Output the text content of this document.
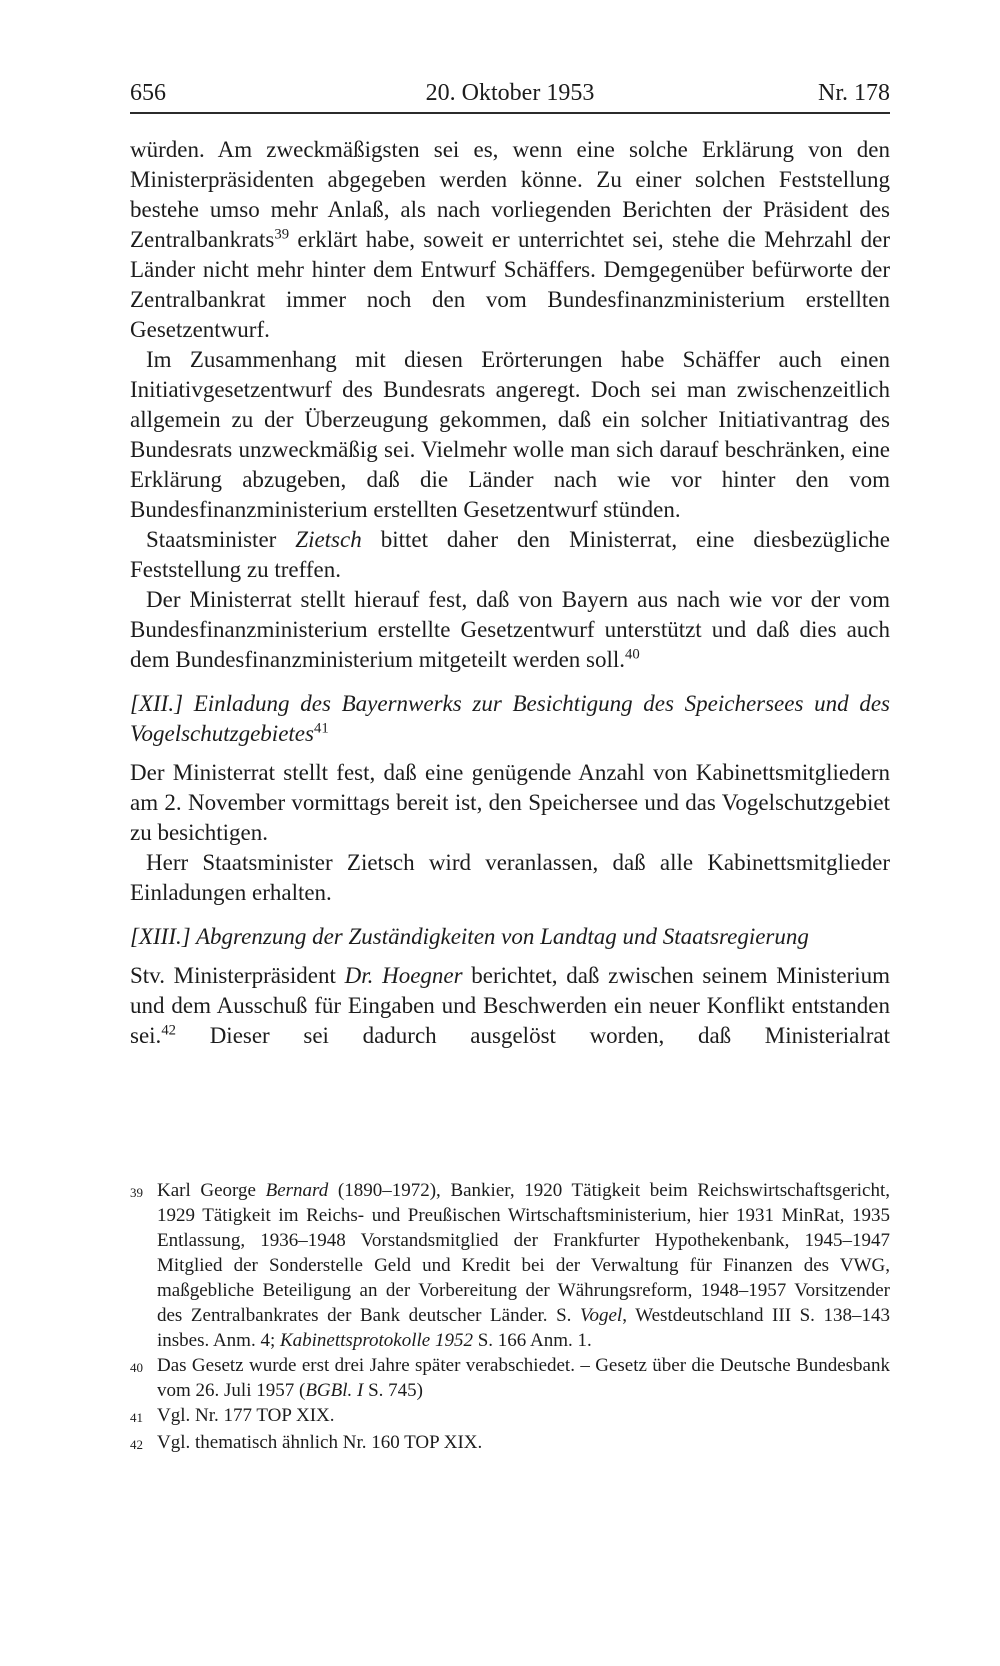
656	20. Oktober 1953	Nr. 178

würden. Am zweckmäßigsten sei es, wenn eine solche Erklärung von den Ministerpräsidenten abgegeben werden könne. Zu einer solchen Feststellung bestehe umso mehr Anlaß, als nach vorliegenden Berichten der Präsident des Zentralbankrats$^{39}$ erklärt habe, soweit er unterrichtet sei, stehe die Mehrzahl der Länder nicht mehr hinter dem Entwurf Schäffers. Demgegenüber befürworte der Zentralbankrat immer noch den vom Bundesfinanzministerium erstellten Gesetzentwurf.

Im Zusammenhang mit diesen Erörterungen habe Schäffer auch einen Initiativgesetzentwurf des Bundesrats angeregt. Doch sei man zwischenzeitlich allgemein zu der Überzeugung gekommen, daß ein solcher Initiativantrag des Bundesrats unzweckmäßig sei. Vielmehr wolle man sich darauf beschränken, eine Erklärung abzugeben, daß die Länder nach wie vor hinter den vom Bundesfinanzministerium erstellten Gesetzentwurf stünden.

Staatsminister Zietsch bittet daher den Ministerrat, eine diesbezügliche Feststellung zu treffen.

Der Ministerrat stellt hierauf fest, daß von Bayern aus nach wie vor der vom Bundesfinanzministerium erstellte Gesetzentwurf unterstützt und daß dies auch dem Bundesfinanzministerium mitgeteilt werden soll.$^{40}$

[XII.] Einladung des Bayernwerks zur Besichtigung des Speichersees und des Vogelschutzgebietes$^{41}$

Der Ministerrat stellt fest, daß eine genügende Anzahl von Kabinettsmitgliedern am 2. November vormittags bereit ist, den Speichersee und das Vogelschutzgebiet zu besichtigen.

Herr Staatsminister Zietsch wird veranlassen, daß alle Kabinettsmitglieder Einladungen erhalten.

[XIII.] Abgrenzung der Zuständigkeiten von Landtag und Staatsregierung

Stv. Ministerpräsident Dr. Hoegner berichtet, daß zwischen seinem Ministerium und dem Ausschuß für Eingaben und Beschwerden ein neuer Konflikt entstanden sei.$^{42}$ Dieser sei dadurch ausgelöst worden, daß Ministerialrat

39 Karl George Bernard (1890–1972), Bankier, 1920 Tätigkeit beim Reichswirtschaftsgericht, 1929 Tätigkeit im Reichs- und Preußischen Wirtschaftsministerium, hier 1931 MinRat, 1935 Entlassung, 1936–1948 Vorstandsmitglied der Frankfurter Hypothekenbank, 1945–1947 Mitglied der Sonderstelle Geld und Kredit bei der Verwaltung für Finanzen des VWG, maßgebliche Beteiligung an der Vorbereitung der Währungsreform, 1948–1957 Vorsitzender des Zentralbankrates der Bank deutscher Länder. S. Vogel, Westdeutschland III S. 138–143 insbes. Anm. 4; Kabinettsprotokolle 1952 S. 166 Anm. 1.
40 Das Gesetz wurde erst drei Jahre später verabschiedet. – Gesetz über die Deutsche Bundesbank vom 26. Juli 1957 (BGBl. I S. 745)
41 Vgl. Nr. 177 TOP XIX.
42 Vgl. thematisch ähnlich Nr. 160 TOP XIX.
